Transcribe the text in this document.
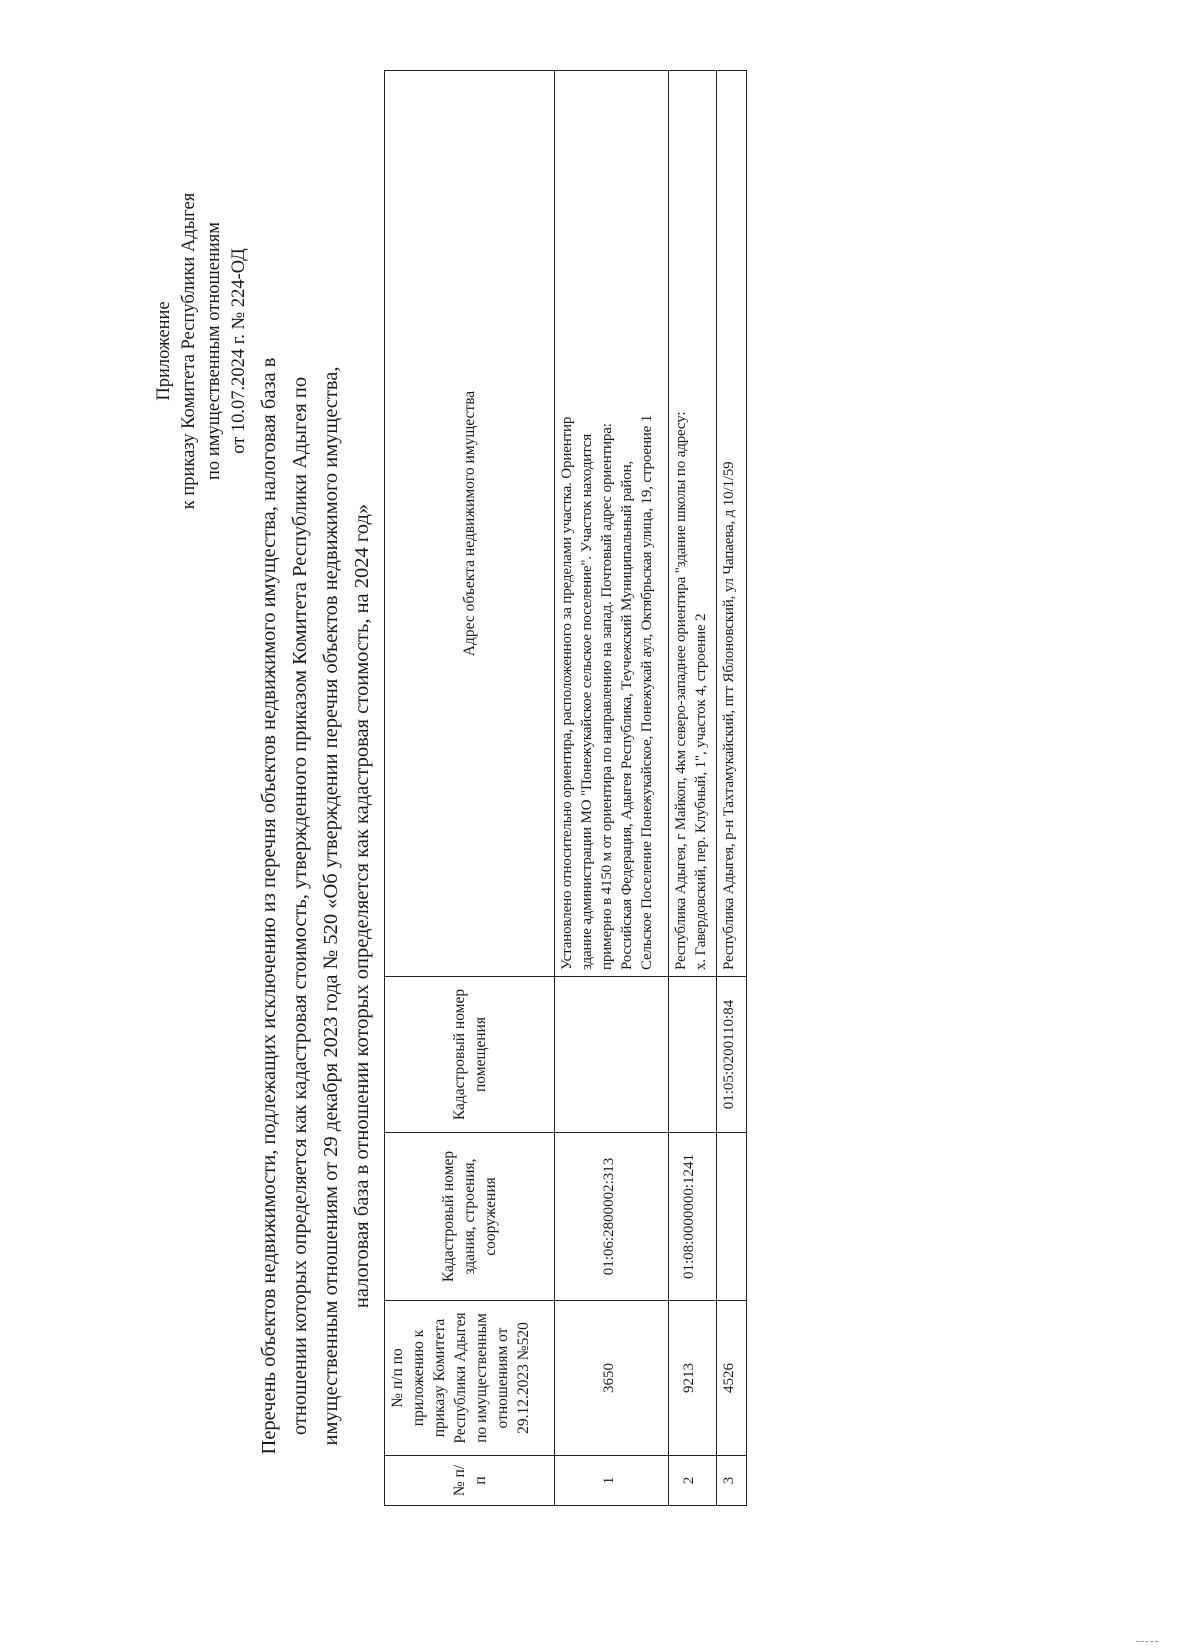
Приложение к приказу Комитета Республики Адыгея по имущественным отношениям от 10.07.2024 г. № 224-ОД
Перечень объектов недвижимости, подлежащих исключению из перечня объектов недвижимого имущества, налоговая база в отношении которых определяется как кадастровая стоимость, утвержденного приказом Комитета Республики Адыгея по имущественным отношениям от 29 декабря 2023 года № 520 «Об утверждении перечня объектов недвижимого имущества, налоговая база в отношении которых определяется как кадастровая стоимость, на 2024 год»
№ п/п	№ п/п по приложению к приказу Комитета Республики Адыгея по имущественным отношениям от 29.12.2023 №520	Кадастровый номер здания, строения, сооружения	Кадастровый номер помещения	Адрес объекта недвижимого имущества
1	3650	01:06:2800002:313		Установлено относительно ориентира, расположенного за пределами участка. Ориентир здание администрации МО "Понежукайское сельское поселение". Участок находится примерно в 4150 м от ориентира по направлению на запад. Почтовый адрес ориентира: Российская Федерация, Адыгея Республика, Теучежский Муниципальный район, Сельское Поселение Понежукайское, Понежукай аул, Октябрьская улица, 19, строение 1

2	9213	01:08:0000000:1241		Республика Адыгея, г Майкоп, 4км северо-западнее ориентира "здание школы по адресу: х. Гавердовский, пер. Клубный, 1", участок 4, строение 2

3	4526		01:05:0200110:84	Республика Адыгея, р-н Тахтамукайский, пгт Яблоновский, ул Чапаева, д 10/1/59
